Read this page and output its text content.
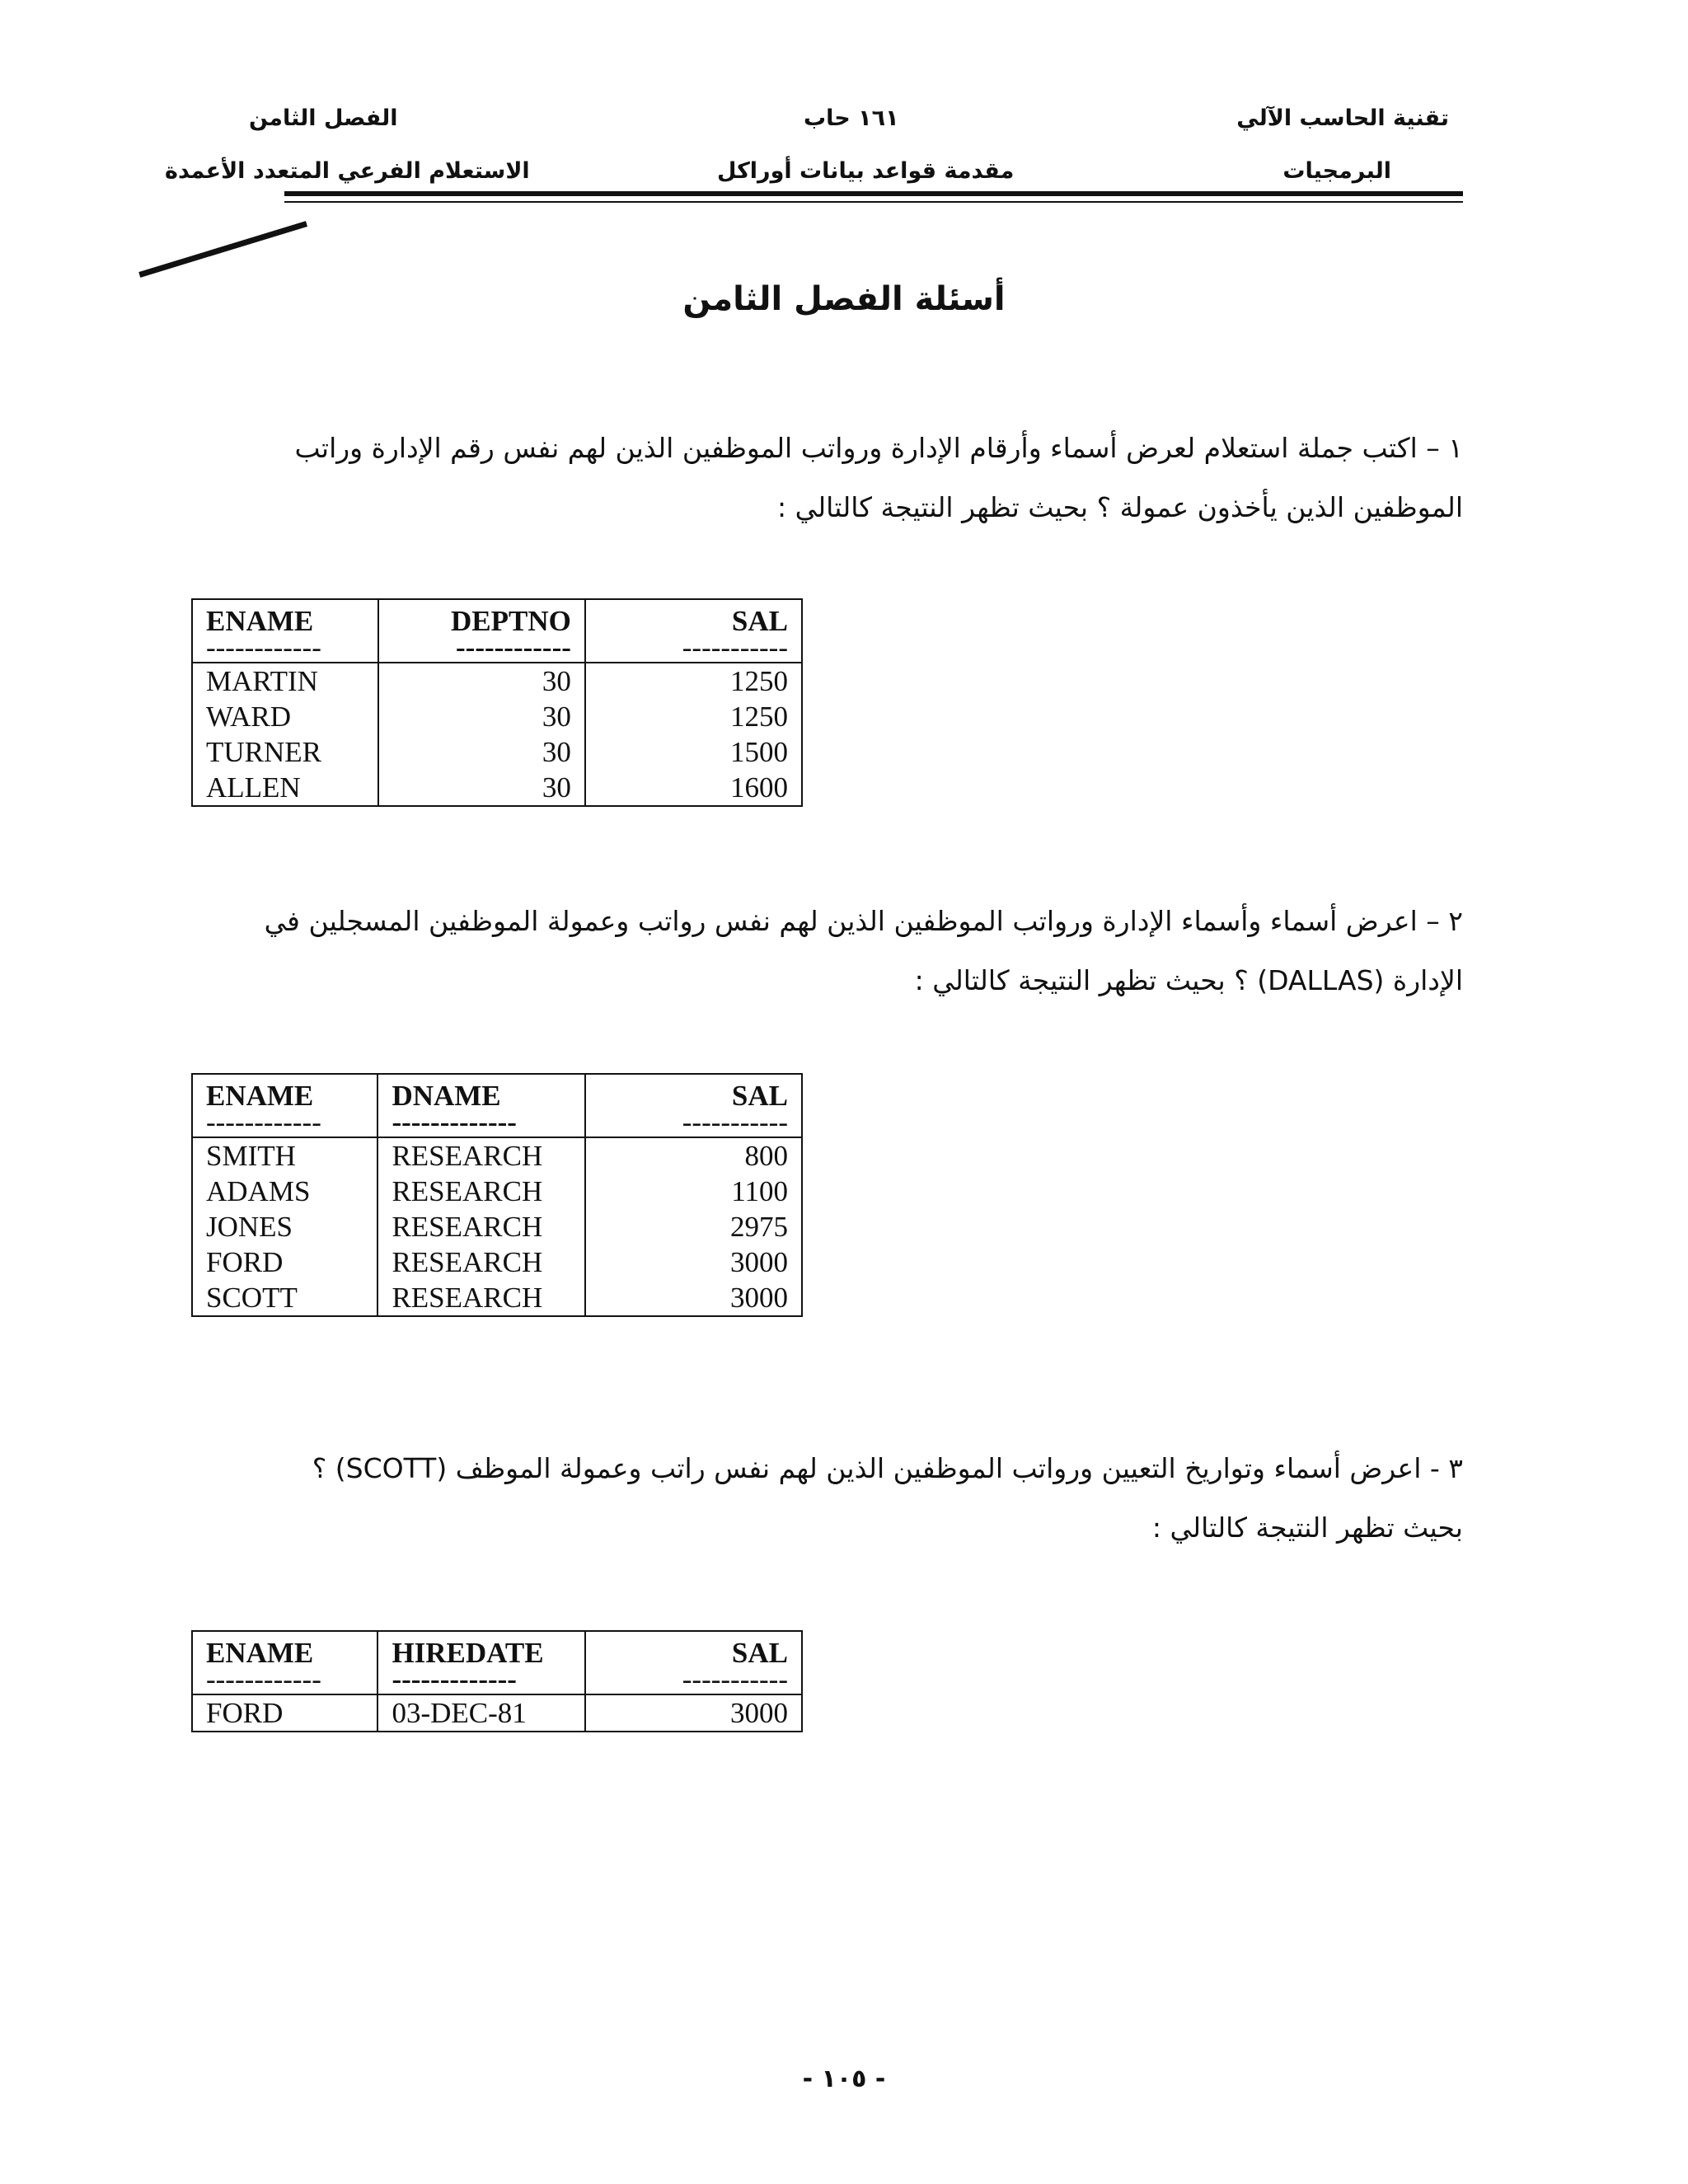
تقنية الحاسب الآلي
البرمجيات
١٦١ حاب
مقدمة قواعد بيانات أوراكل
الفصل الثامن
الاستعلام الفرعي المتعدد الأعمدة
أسئلة الفصل الثامن

١ – اكتب جملة استعلام لعرض أسماء وأرقام الإدارة ورواتب الموظفين الذين لهم نفس رقم الإدارة وراتب

الموظفين الذين يأخذون عمولة ؟ بحيث تظهر النتيجة كالتالي :

ENAME	DEPTNO	SAL
------------	------------	-----------
MARTIN	30	1250
WARD	30	1250
TURNER	30	1500
ALLEN	30	1600

٢ – اعرض أسماء وأسماء الإدارة ورواتب الموظفين الذين لهم نفس رواتب وعمولة الموظفين المسجلين في

الإدارة (DALLAS) ؟ بحيث تظهر النتيجة كالتالي :

ENAME	DNAME	SAL
------------	-------------	-----------
SMITH	RESEARCH	800
ADAMS	RESEARCH	1100
JONES	RESEARCH	2975
FORD	RESEARCH	3000
SCOTT	RESEARCH	3000

٣ - اعرض أسماء وتواريخ التعيين ورواتب الموظفين الذين لهم نفس راتب وعمولة الموظف (SCOTT) ؟

بحيث تظهر النتيجة كالتالي :

ENAME	HIREDATE	SAL
------------	-------------	-----------
FORD	03-DEC-81	3000
- ١٠٥ -
